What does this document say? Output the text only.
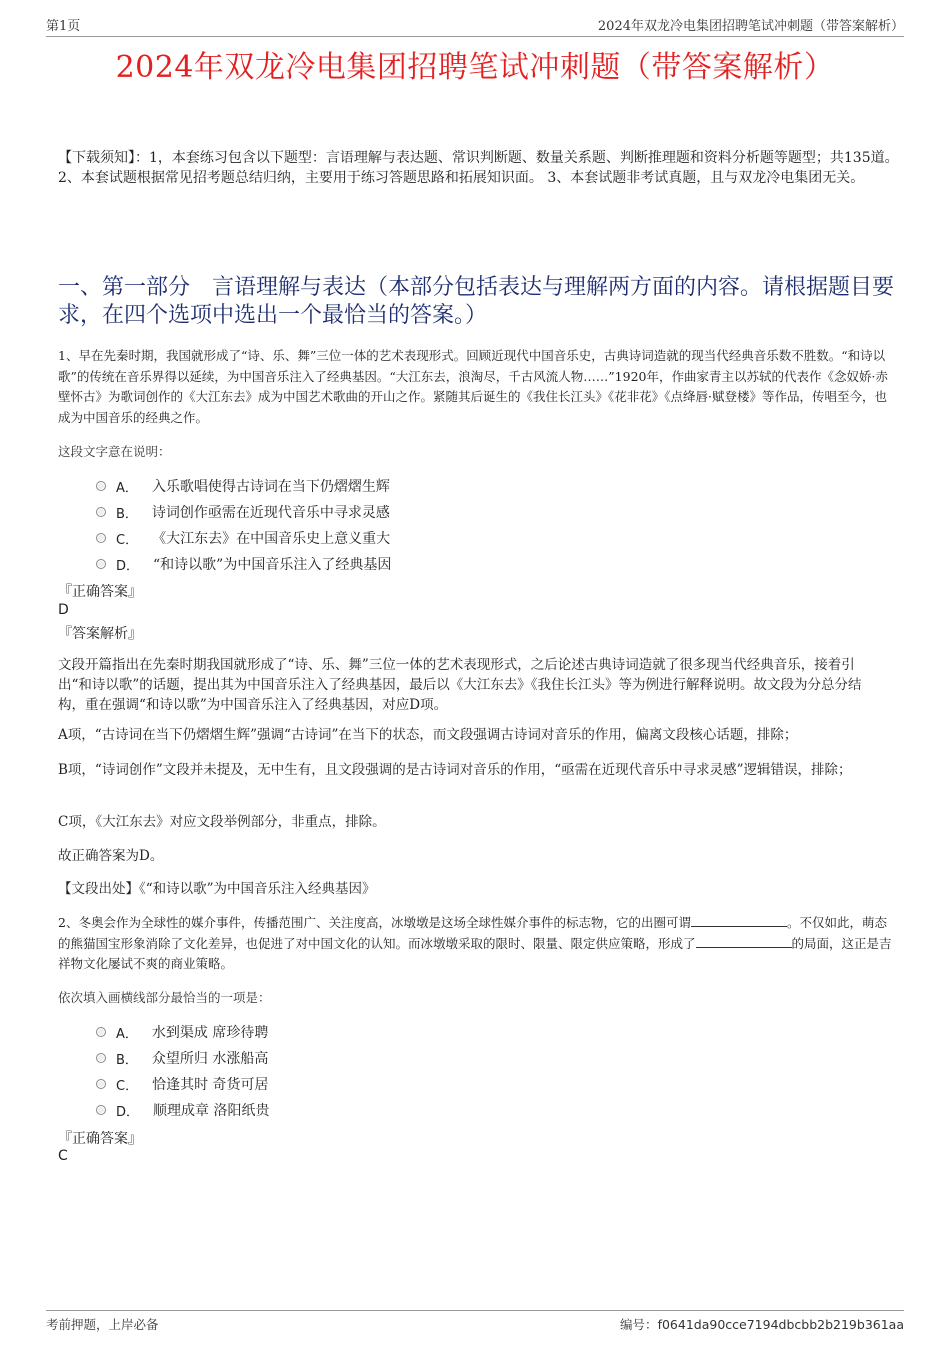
第1页	2024年双龙冷电集团招聘笔试冲刺题（带答案解析）
2024年双龙冷电集团招聘笔试冲刺题（带答案解析）
【下载须知】：1，本套练习包含以下题型：言语理解与表达题、常识判断题、数量关系题、判断推理题和资料分析题等题型；共135道。 2、本套试题根据常见招考题总结归纳，主要用于练习答题思路和拓展知识面。 3、本套试题非考试真题，且与双龙冷电集团无关。
一、第一部分　言语理解与表达（本部分包括表达与理解两方面的内容。请根据题目要求，在四个选项中选出一个最恰当的答案。）
1、早在先秦时期，我国就形成了“诗、乐、舞”三位一体的艺术表现形式。回顾近现代中国音乐史，古典诗词造就的现当代经典音乐数不胜数。“和诗以歌”的传统在音乐界得以延续，为中国音乐注入了经典基因。“大江东去，浪淘尽，千古风流人物……”1920年，作曲家青主以苏轼的代表作《念奴娇·赤壁怀古》为歌词创作的《大江东去》成为中国艺术歌曲的开山之作。紧随其后诞生的《我住长江头》《花非花》《点绛唇·赋登楼》等作品，传唱至今，也成为中国音乐的经典之作。
这段文字意在说明：
A． 入乐歌唱使得古诗词在当下仍熠熠生辉
B． 诗词创作亟需在近现代音乐中寻求灵感
C． 《大江东去》在中国音乐史上意义重大
D． “和诗以歌”为中国音乐注入了经典基因
『正确答案』
D
『答案解析』
文段开篇指出在先秦时期我国就形成了“诗、乐、舞”三位一体的艺术表现形式，之后论述古典诗词造就了很多现当代经典音乐，接着引出“和诗以歌”的话题，提出其为中国音乐注入了经典基因，最后以《大江东去》《我住长江头》等为例进行解释说明。故文段为分总分结构，重在强调“和诗以歌”为中国音乐注入了经典基因，对应D项。
A项，“古诗词在当下仍熠熠生辉”强调“古诗词”在当下的状态，而文段强调古诗词对音乐的作用，偏离文段核心话题，排除；
B项，“诗词创作”文段并未提及，无中生有，且文段强调的是古诗词对音乐的作用，“亟需在近现代音乐中寻求灵感”逻辑错误，排除；
C项，《大江东去》对应文段举例部分，非重点，排除。
故正确答案为D。
【文段出处】《“和诗以歌”为中国音乐注入经典基因》
2、冬奥会作为全球性的媒介事件，传播范围广、关注度高，冰墩墩是这场全球性媒介事件的标志物，它的出圈可谓	。不仅如此，萌态的熊猫国宝形象消除了文化差异，也促进了对中国文化的认知。而冰墩墩采取的限时、限量、限定供应策略，形成了	的局面，这正是吉祥物文化屡试不爽的商业策略。
依次填入画横线部分最恰当的一项是：
A． 水到渠成 席珍待聘
B． 众望所归 水涨船高
C． 恰逢其时 奇货可居
D． 顺理成章 洛阳纸贵
『正确答案』
C
考前押题，上岸必备	编号：f0641da90cce7194dbcbb2b219b361aa
